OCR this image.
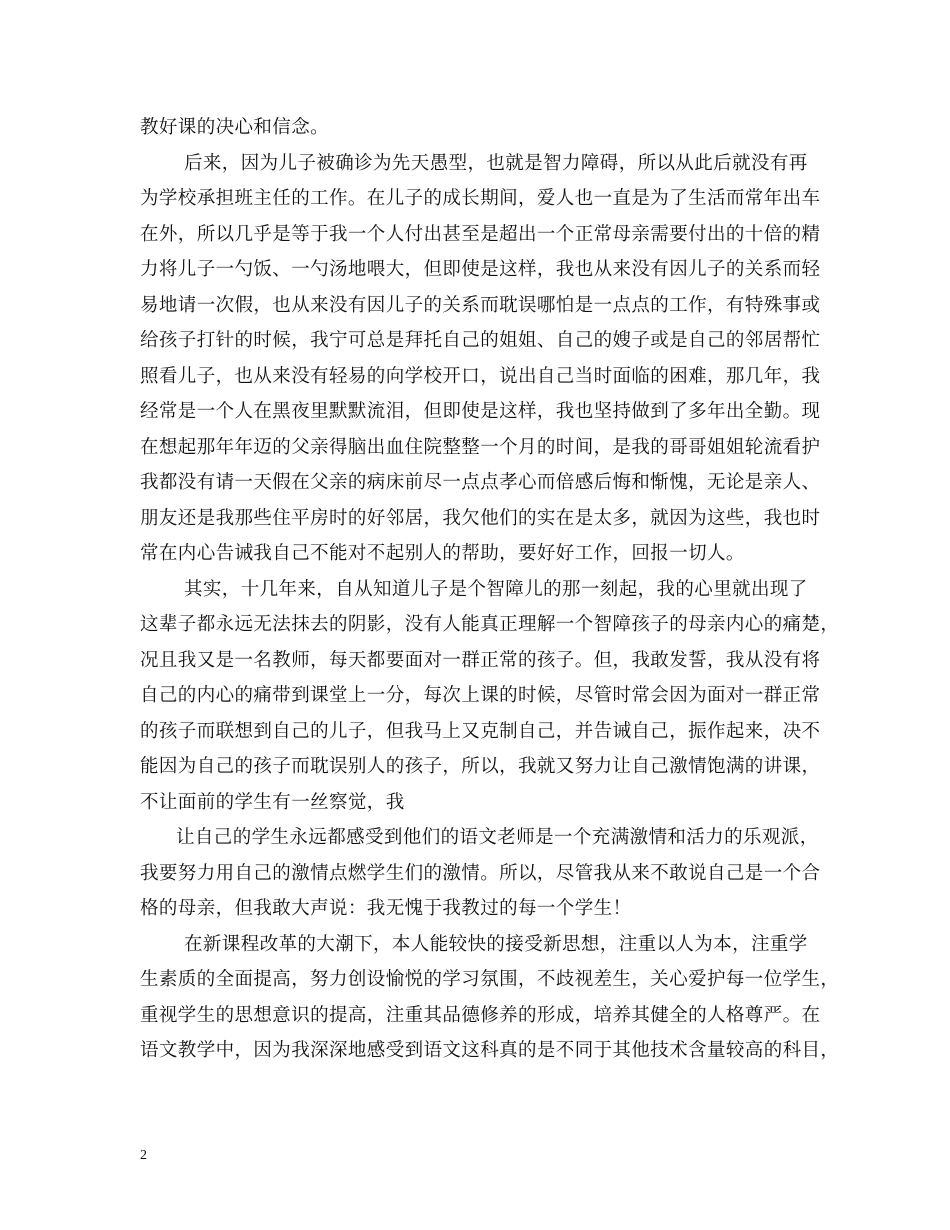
教好课的决心和信念。
后来，因为儿子被确诊为先天愚型，也就是智力障碍，所以从此后就没有再
为学校承担班主任的工作。在儿子的成长期间，爱人也一直是为了生活而常年出车
在外，所以几乎是等于我一个人付出甚至是超出一个正常母亲需要付出的十倍的精
力将儿子一勺饭、一勺汤地喂大，但即使是这样，我也从来没有因儿子的关系而轻
易地请一次假，也从来没有因儿子的关系而耽误哪怕是一点点的工作，有特殊事或
给孩子打针的时候，我宁可总是拜托自己的姐姐、自己的嫂子或是自己的邻居帮忙
照看儿子，也从来没有轻易的向学校开口，说出自己当时面临的困难，那几年，我
经常是一个人在黑夜里默默流泪，但即使是这样，我也坚持做到了多年出全勤。现
在想起那年年迈的父亲得脑出血住院整整一个月的时间，是我的哥哥姐姐轮流看护
我都没有请一天假在父亲的病床前尽一点点孝心而倍感后悔和惭愧，无论是亲人、
朋友还是我那些住平房时的好邻居，我欠他们的实在是太多，就因为这些，我也时
常在内心告诫我自己不能对不起别人的帮助，要好好工作，回报一切人。
其实，十几年来，自从知道儿子是个智障儿的那一刻起，我的心里就出现了
这辈子都永远无法抹去的阴影，没有人能真正理解一个智障孩子的母亲内心的痛楚，
况且我又是一名教师，每天都要面对一群正常的孩子。但，我敢发誓，我从没有将
自己的内心的痛带到课堂上一分，每次上课的时候，尽管时常会因为面对一群正常
的孩子而联想到自己的儿子，但我马上又克制自己，并告诫自己，振作起来，决不
能因为自己的孩子而耽误别人的孩子，所以，我就又努力让自己激情饱满的讲课，
不让面前的学生有一丝察觉，我
让自己的学生永远都感受到他们的语文老师是一个充满激情和活力的乐观派，
我要努力用自己的激情点燃学生们的激情。所以，尽管我从来不敢说自己是一个合
格的母亲，但我敢大声说：我无愧于我教过的每一个学生！
在新课程改革的大潮下，本人能较快的接受新思想，注重以人为本，注重学
生素质的全面提高，努力创设愉悦的学习氛围，不歧视差生，关心爱护每一位学生，
重视学生的思想意识的提高，注重其品德修养的形成，培养其健全的人格尊严。在
语文教学中，因为我深深地感受到语文这科真的是不同于其他技术含量较高的科目，
2
